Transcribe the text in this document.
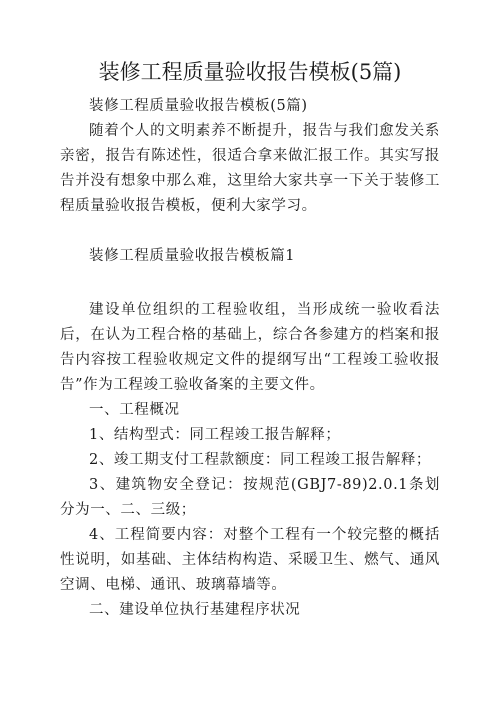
装修工程质量验收报告模板(5篇)

装修工程质量验收报告模板(5篇)

随着个人的文明素养不断提升，报告与我们愈发关系亲密，报告有陈述性，很适合拿来做汇报工作。其实写报告并没有想象中那么难，这里给大家共享一下关于装修工程质量验收报告模板，便利大家学习。

装修工程质量验收报告模板篇1

建设单位组织的工程验收组，当形成统一验收看法后，在认为工程合格的基础上，综合各参建方的档案和报告内容按工程验收规定文件的提纲写出“工程竣工验收报告”作为工程竣工验收备案的主要文件。

一、工程概况

1、结构型式：同工程竣工报告解释；

2、竣工期支付工程款额度：同工程竣工报告解释；

3、建筑物安全登记：按规范(GBJ7-89)2.0.1条划分为一、二、三级；

4、工程简要内容：对整个工程有一个较完整的概括性说明，如基础、主体结构构造、采暖卫生、燃气、通风空调、电梯、通讯、玻璃幕墙等。

二、建设单位执行基建程序状况
